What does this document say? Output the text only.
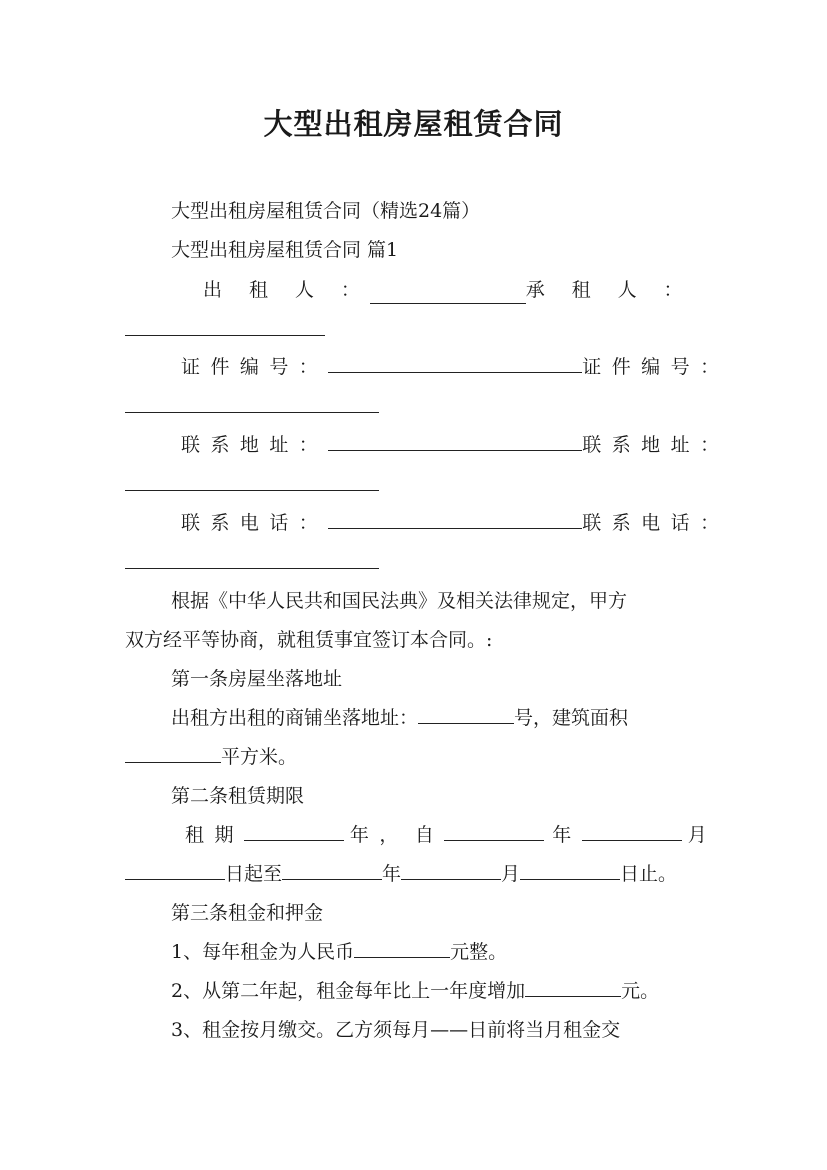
大型出租房屋租赁合同
大型出租房屋租赁合同（精选24篇）
大型出租房屋租赁合同 篇1
出 租 人 ：	承 租 人 ：
证件编号：	证件编号：
联系地址：	联系地址：
联系电话：	联系电话：
根据《中华人民共和国民法典》及相关法律规定，甲方
双方经平等协商，就租赁事宜签订本合同。:
第一条房屋坐落地址
出租方出租的商铺坐落地址：	号，建筑面积
平方米。
第二条租赁期限
租期	年， 自	年	月
日起至	年	月	日止。
第三条租金和押金
1、每年租金为人民币	元整。
2、从第二年起，租金每年比上一年度增加	元。
3、租金按月缴交。乙方须每月——日前将当月租金交
